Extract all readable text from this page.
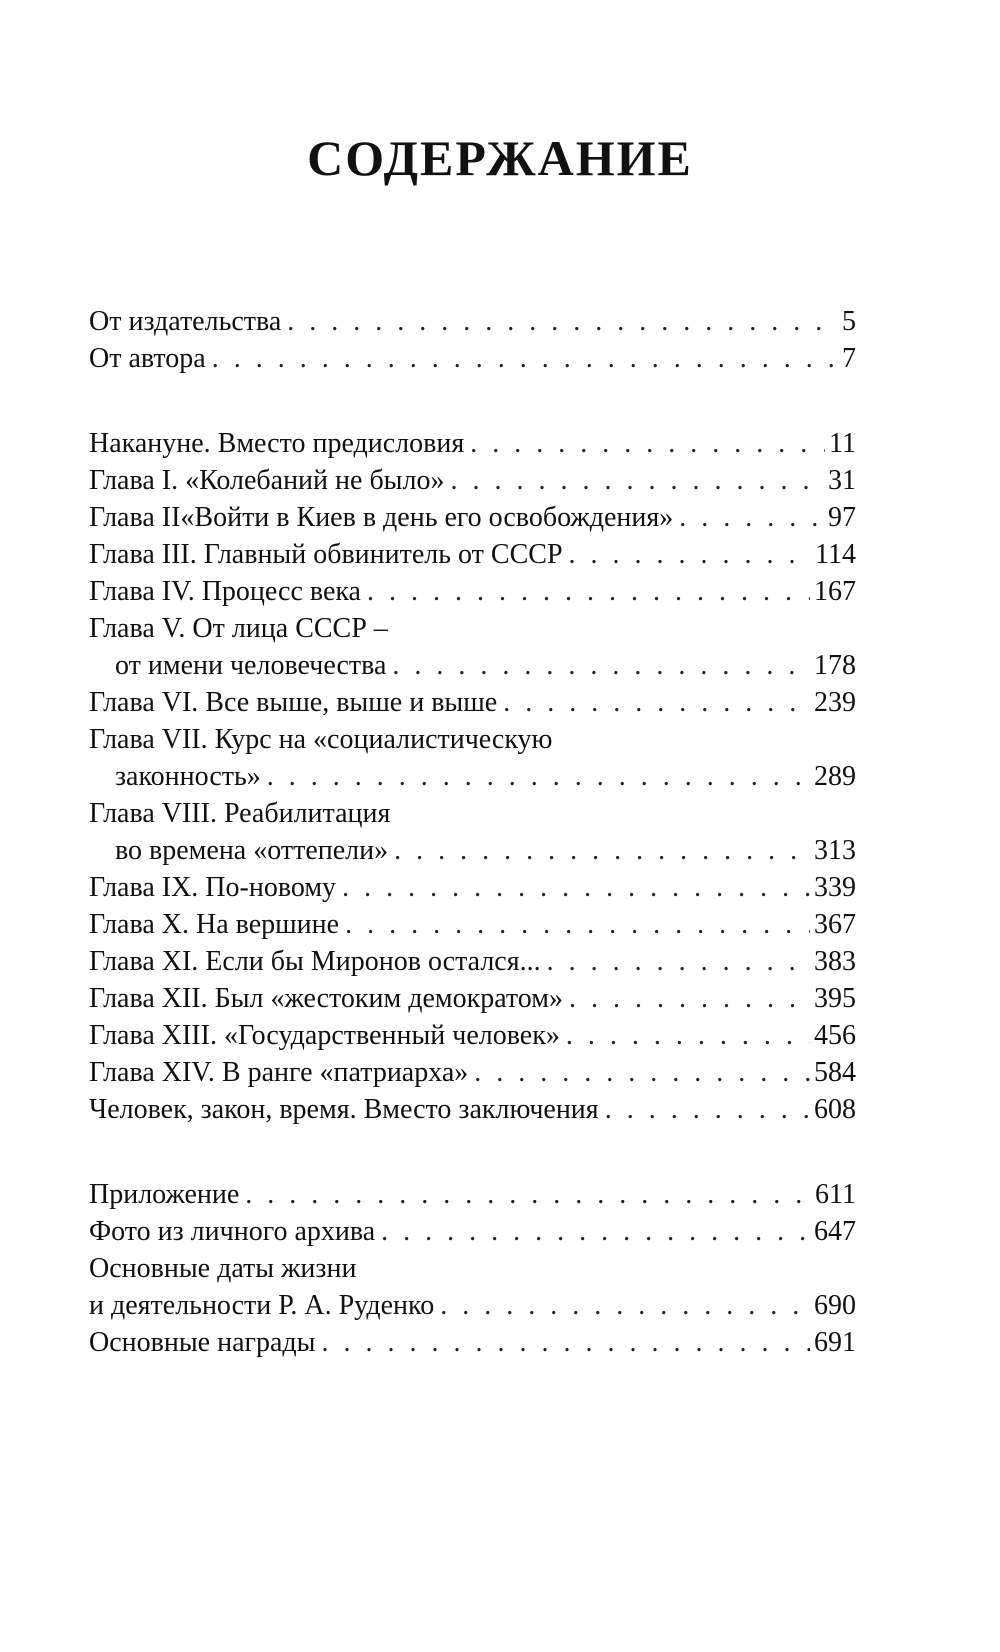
СОДЕРЖАНИЕ
От издательства . . .	5
От автора . . .	7
Накануне. Вместо предисловия . . .	11
Глава I. «Колебаний не было» . . .	31
Глава II«Войти в Киев в день его освобождения» . . .	97
Глава III. Главный обвинитель от СССР . . .	114
Глава IV. Процесс века . . .	167
Глава V. От лица СССР –
от имени человечества . . .	178
Глава VI. Все выше, выше и выше . . .	239
Глава VII. Курс на «социалистическую
законность» . . .	289
Глава VIII. Реабилитация
во времена «оттепели» . . .	313
Глава IX. По-новому . . .	339
Глава X. На вершине . . .	367
Глава XI. Если бы Миронов остался... . . .	383
Глава XII. Был «жестоким демократом» . . .	395
Глава XIII. «Государственный человек» . . .	456
Глава XIV. В ранге «патриарха» . . .	584
Человек, закон, время. Вместо заключения . . .	608
Приложение . . .	611
Фото из личного архива . . .	647
Основные даты жизни
и деятельности Р. А. Руденко . . .	690
Основные награды . . .	691
